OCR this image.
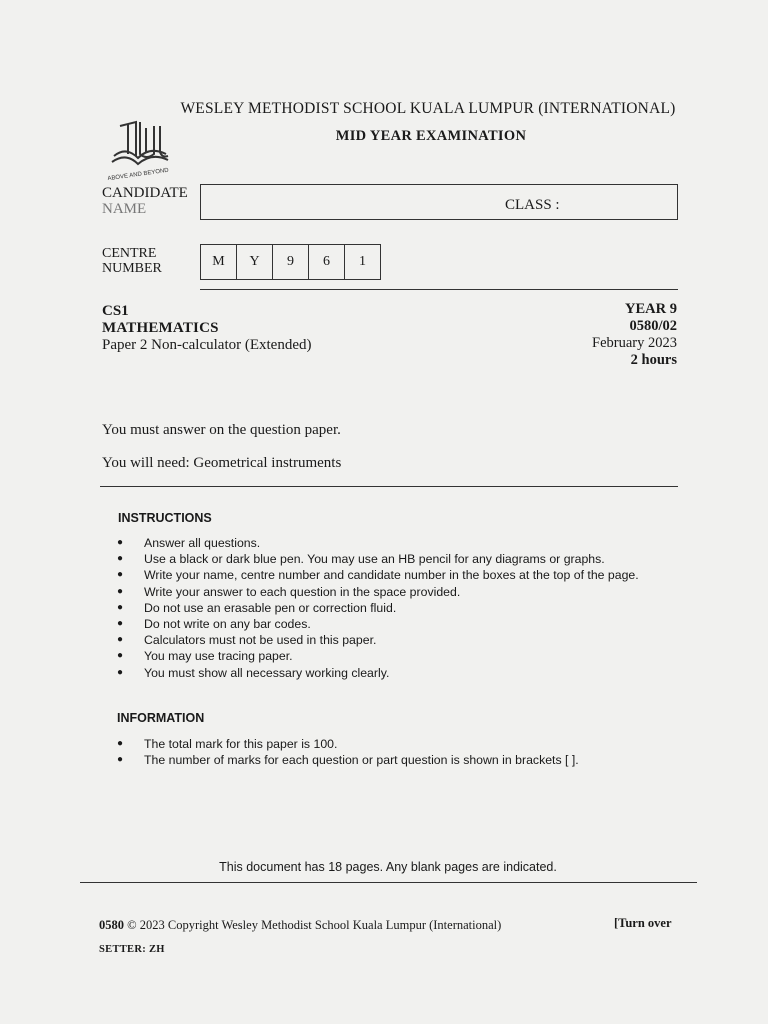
WESLEY METHODIST SCHOOL KUALA LUMPUR (INTERNATIONAL)
MID YEAR EXAMINATION
ABOVE AND BEYOND
CANDIDATE
NAME	CLASS :
CENTRE
NUMBER	M	Y	9	6	1
CS1
MATHEMATICS
Paper 2 Non-calculator (Extended)
YEAR 9
0580/02
February 2023
2 hours
You must answer on the question paper.
You will need: Geometrical instruments
INSTRUCTIONS
●	Answer all questions.
●	Use a black or dark blue pen. You may use an HB pencil for any diagrams or graphs.
●	Write your name, centre number and candidate number in the boxes at the top of the page.
●	Write your answer to each question in the space provided.
●	Do not use an erasable pen or correction fluid.
●	Do not write on any bar codes.
●	Calculators must not be used in this paper.
●	You may use tracing paper.
●	You must show all necessary working clearly.
INFORMATION
●	The total mark for this paper is 100.
●	The number of marks for each question or part question is shown in brackets [ ].
This document has 18 pages. Any blank pages are indicated.
0580 © 2023 Copyright Wesley Methodist School Kuala Lumpur (International)	[Turn over
SETTER: ZH
